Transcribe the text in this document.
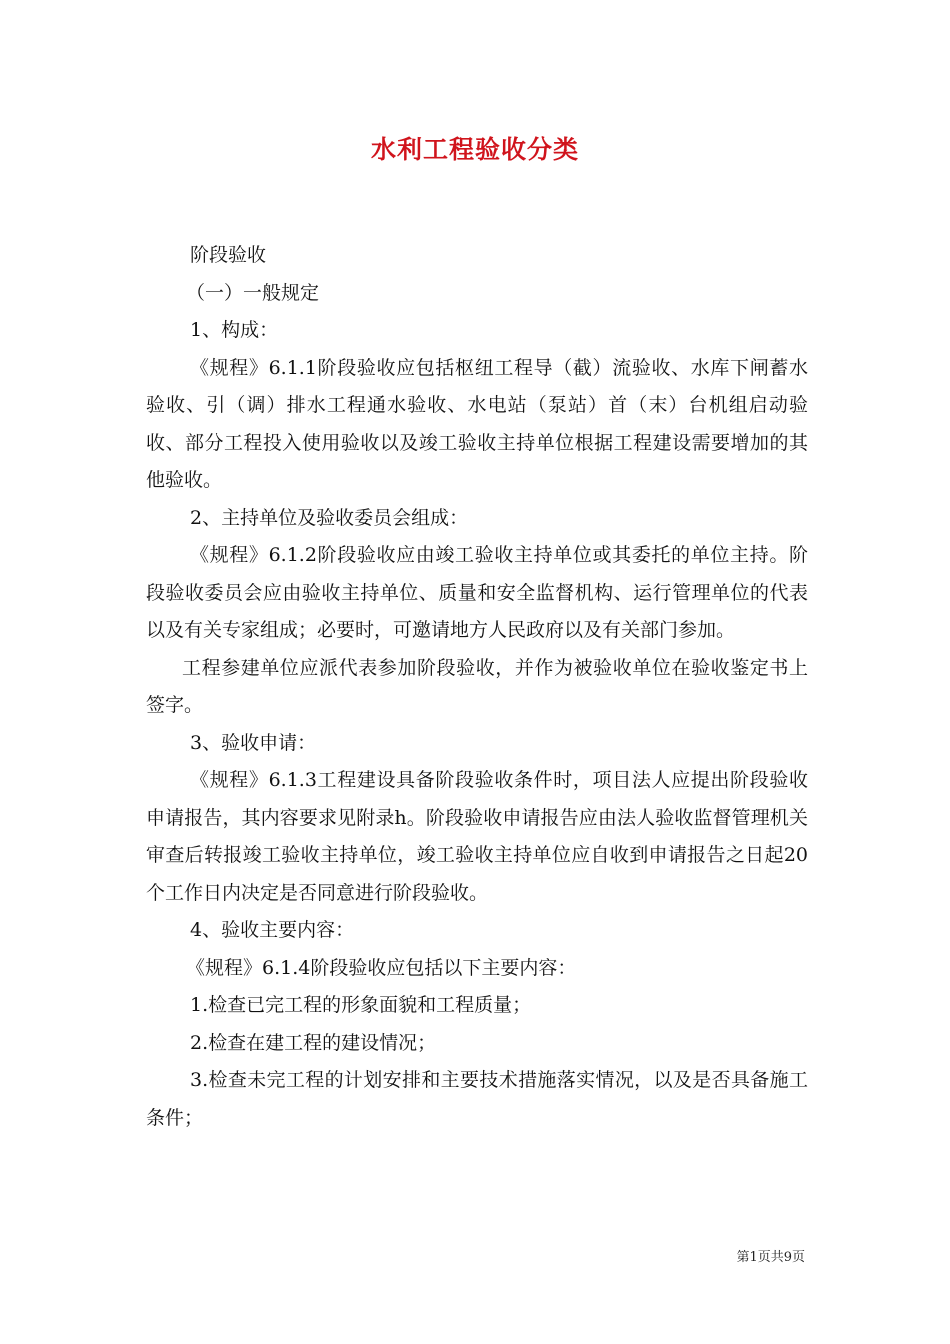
水利工程验收分类

阶段验收

（一）一般规定

1、构成：

《规程》6.1.1阶段验收应包括枢纽工程导（截）流验收、水库下闸蓄水验收、引（调）排水工程通水验收、水电站（泵站）首（末）台机组启动验收、部分工程投入使用验收以及竣工验收主持单位根据工程建设需要增加的其他验收。

2、主持单位及验收委员会组成：

《规程》6.1.2阶段验收应由竣工验收主持单位或其委托的单位主持。阶段验收委员会应由验收主持单位、质量和安全监督机构、运行管理单位的代表以及有关专家组成；必要时，可邀请地方人民政府以及有关部门参加。

工程参建单位应派代表参加阶段验收，并作为被验收单位在验收鉴定书上签字。

3、验收申请：

《规程》6.1.3工程建设具备阶段验收条件时，项目法人应提出阶段验收申请报告，其内容要求见附录h。阶段验收申请报告应由法人验收监督管理机关审查后转报竣工验收主持单位，竣工验收主持单位应自收到申请报告之日起20个工作日内决定是否同意进行阶段验收。

4、验收主要内容：

《规程》6.1.4阶段验收应包括以下主要内容：

1.检查已完工程的形象面貌和工程质量；

2.检查在建工程的建设情况；

3.检查未完工程的计划安排和主要技术措施落实情况，以及是否具备施工条件；

第1页共9页
